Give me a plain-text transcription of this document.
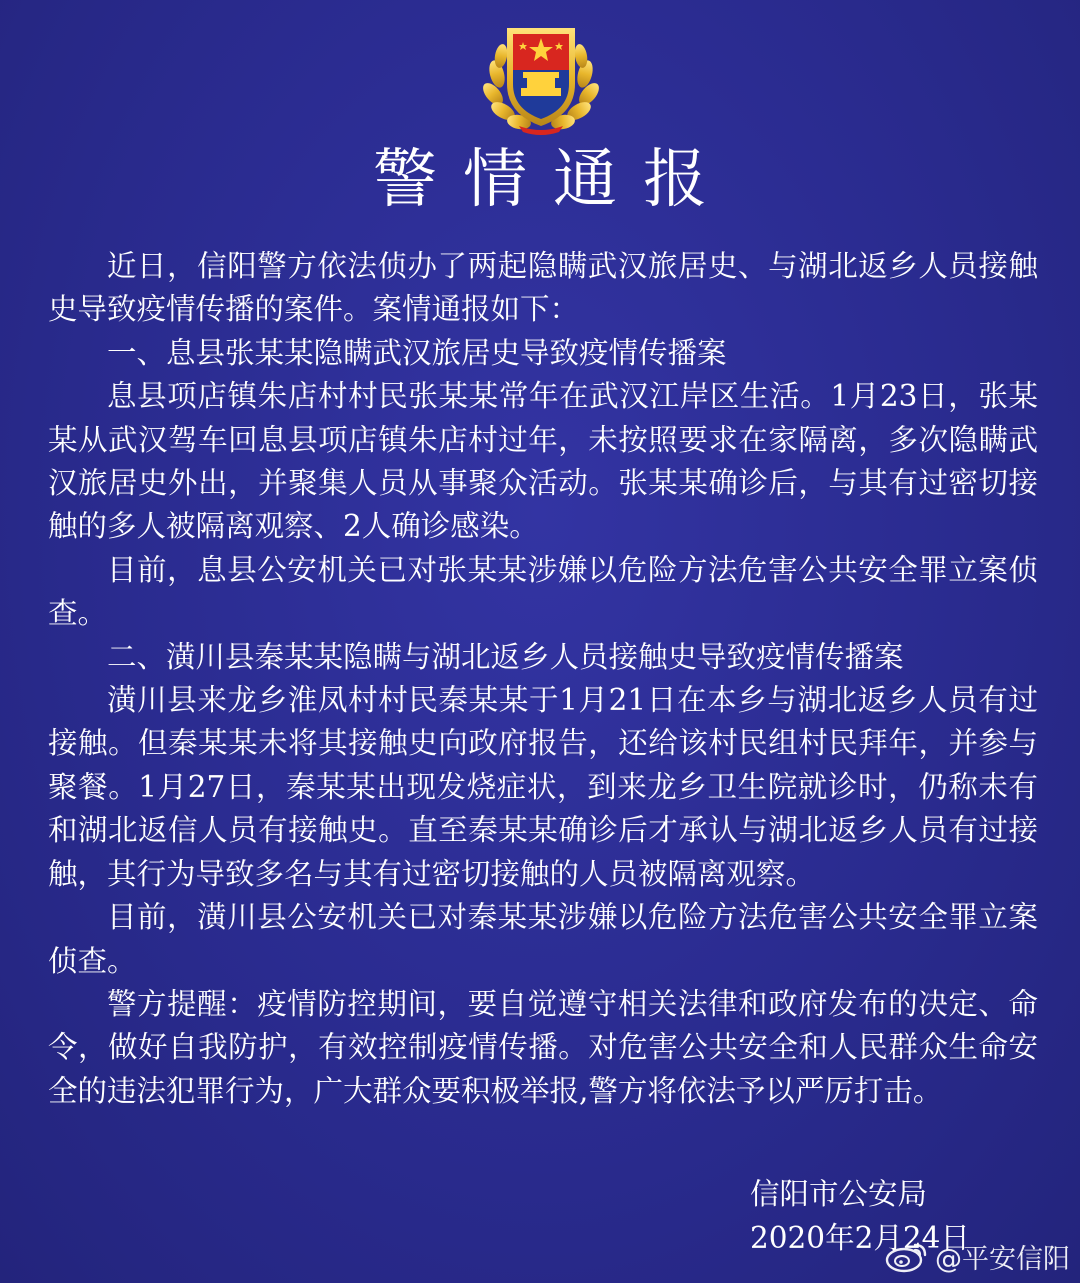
警情通报

近日，信阳警方依法侦办了两起隐瞒武汉旅居史、与湖北返乡人员接触史导致疫情传播的案件。案情通报如下：

一、息县张某某隐瞒武汉旅居史导致疫情传播案

息县项店镇朱店村村民张某某常年在武汉江岸区生活。1月23日，张某某从武汉驾车回息县项店镇朱店村过年，未按照要求在家隔离，多次隐瞒武汉旅居史外出，并聚集人员从事聚众活动。张某某确诊后，与其有过密切接触的多人被隔离观察、2人确诊感染。

目前，息县公安机关已对张某某涉嫌以危险方法危害公共安全罪立案侦查。

二、潢川县秦某某隐瞒与湖北返乡人员接触史导致疫情传播案

潢川县来龙乡淮凤村村民秦某某于1月21日在本乡与湖北返乡人员有过接触。但秦某某未将其接触史向政府报告，还给该村民组村民拜年，并参与聚餐。1月27日，秦某某出现发烧症状，到来龙乡卫生院就诊时，仍称未有和湖北返信人员有接触史。直至秦某某确诊后才承认与湖北返乡人员有过接触，其行为导致多名与其有过密切接触的人员被隔离观察。

目前，潢川县公安机关已对秦某某涉嫌以危险方法危害公共安全罪立案侦查。

警方提醒：疫情防控期间，要自觉遵守相关法律和政府发布的决定、命令，做好自我防护，有效控制疫情传播。对危害公共安全和人民群众生命安全的违法犯罪行为，广大群众要积极举报,警方将依法予以严厉打击。

信阳市公安局
2020年2月24日
@平安信阳
